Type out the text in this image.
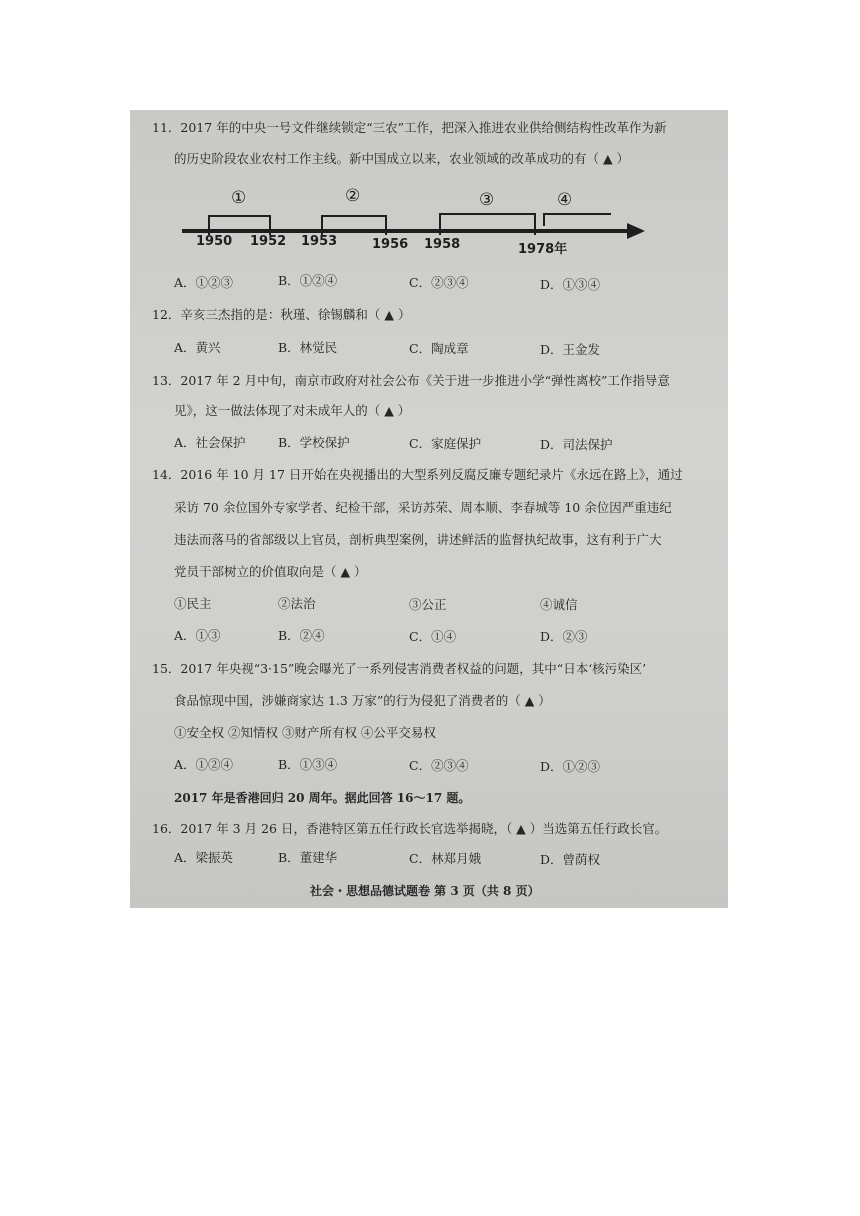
11．2017 年的中央一号文件继续锁定“三农”工作，把深入推进农业供给侧结构性改革作为新
的历史阶段农业农村工作主线。新中国成立以来，农业领域的改革成功的有（ ▲ ）
①	②	③	④
1950 1952 1953	1956 1958	1978年
A．①②③	B．①②④	C．②③④	D．①③④
12．辛亥三杰指的是：秋瑾、徐锡麟和（ ▲ ）
A．黄兴	B．林觉民	C．陶成章	D．王金发
13．2017 年 2 月中旬，南京市政府对社会公布《关于进一步推进小学“弹性离校”工作指导意
见》，这一做法体现了对未成年人的（ ▲ ）
A．社会保护	B．学校保护	C．家庭保护	D．司法保护
14．2016 年 10 月 17 日开始在央视播出的大型系列反腐反廉专题纪录片《永远在路上》，通过
采访 70 余位国外专家学者、纪检干部，采访苏荣、周本顺、李春城等 10 余位因严重违纪
违法而落马的省部级以上官员，剖析典型案例，讲述鲜活的监督执纪故事，这有利于广大
党员干部树立的价值取向是（ ▲ ）
①民主	②法治	③公正	④诚信
A．①③	B．②④	C．①④	D．②③
15．2017 年央视“3·15”晚会曝光了一系列侵害消费者权益的问题，其中“日本‘核污染区’
食品惊现中国，涉嫌商家达 1.3 万家”的行为侵犯了消费者的（ ▲ ）
①安全权 ②知情权 ③财产所有权 ④公平交易权
A．①②④	B．①③④	C．②③④	D．①②③
2017 年是香港回归 20 周年。据此回答 16～17 题。
16．2017 年 3 月 26 日，香港特区第五任行政长官选举揭晓，（ ▲ ）当选第五任行政长官。
A．梁振英	B．董建华	C．林郑月娥	D．曾荫权
社会・思想品德试题卷 第 3 页（共 8 页）
